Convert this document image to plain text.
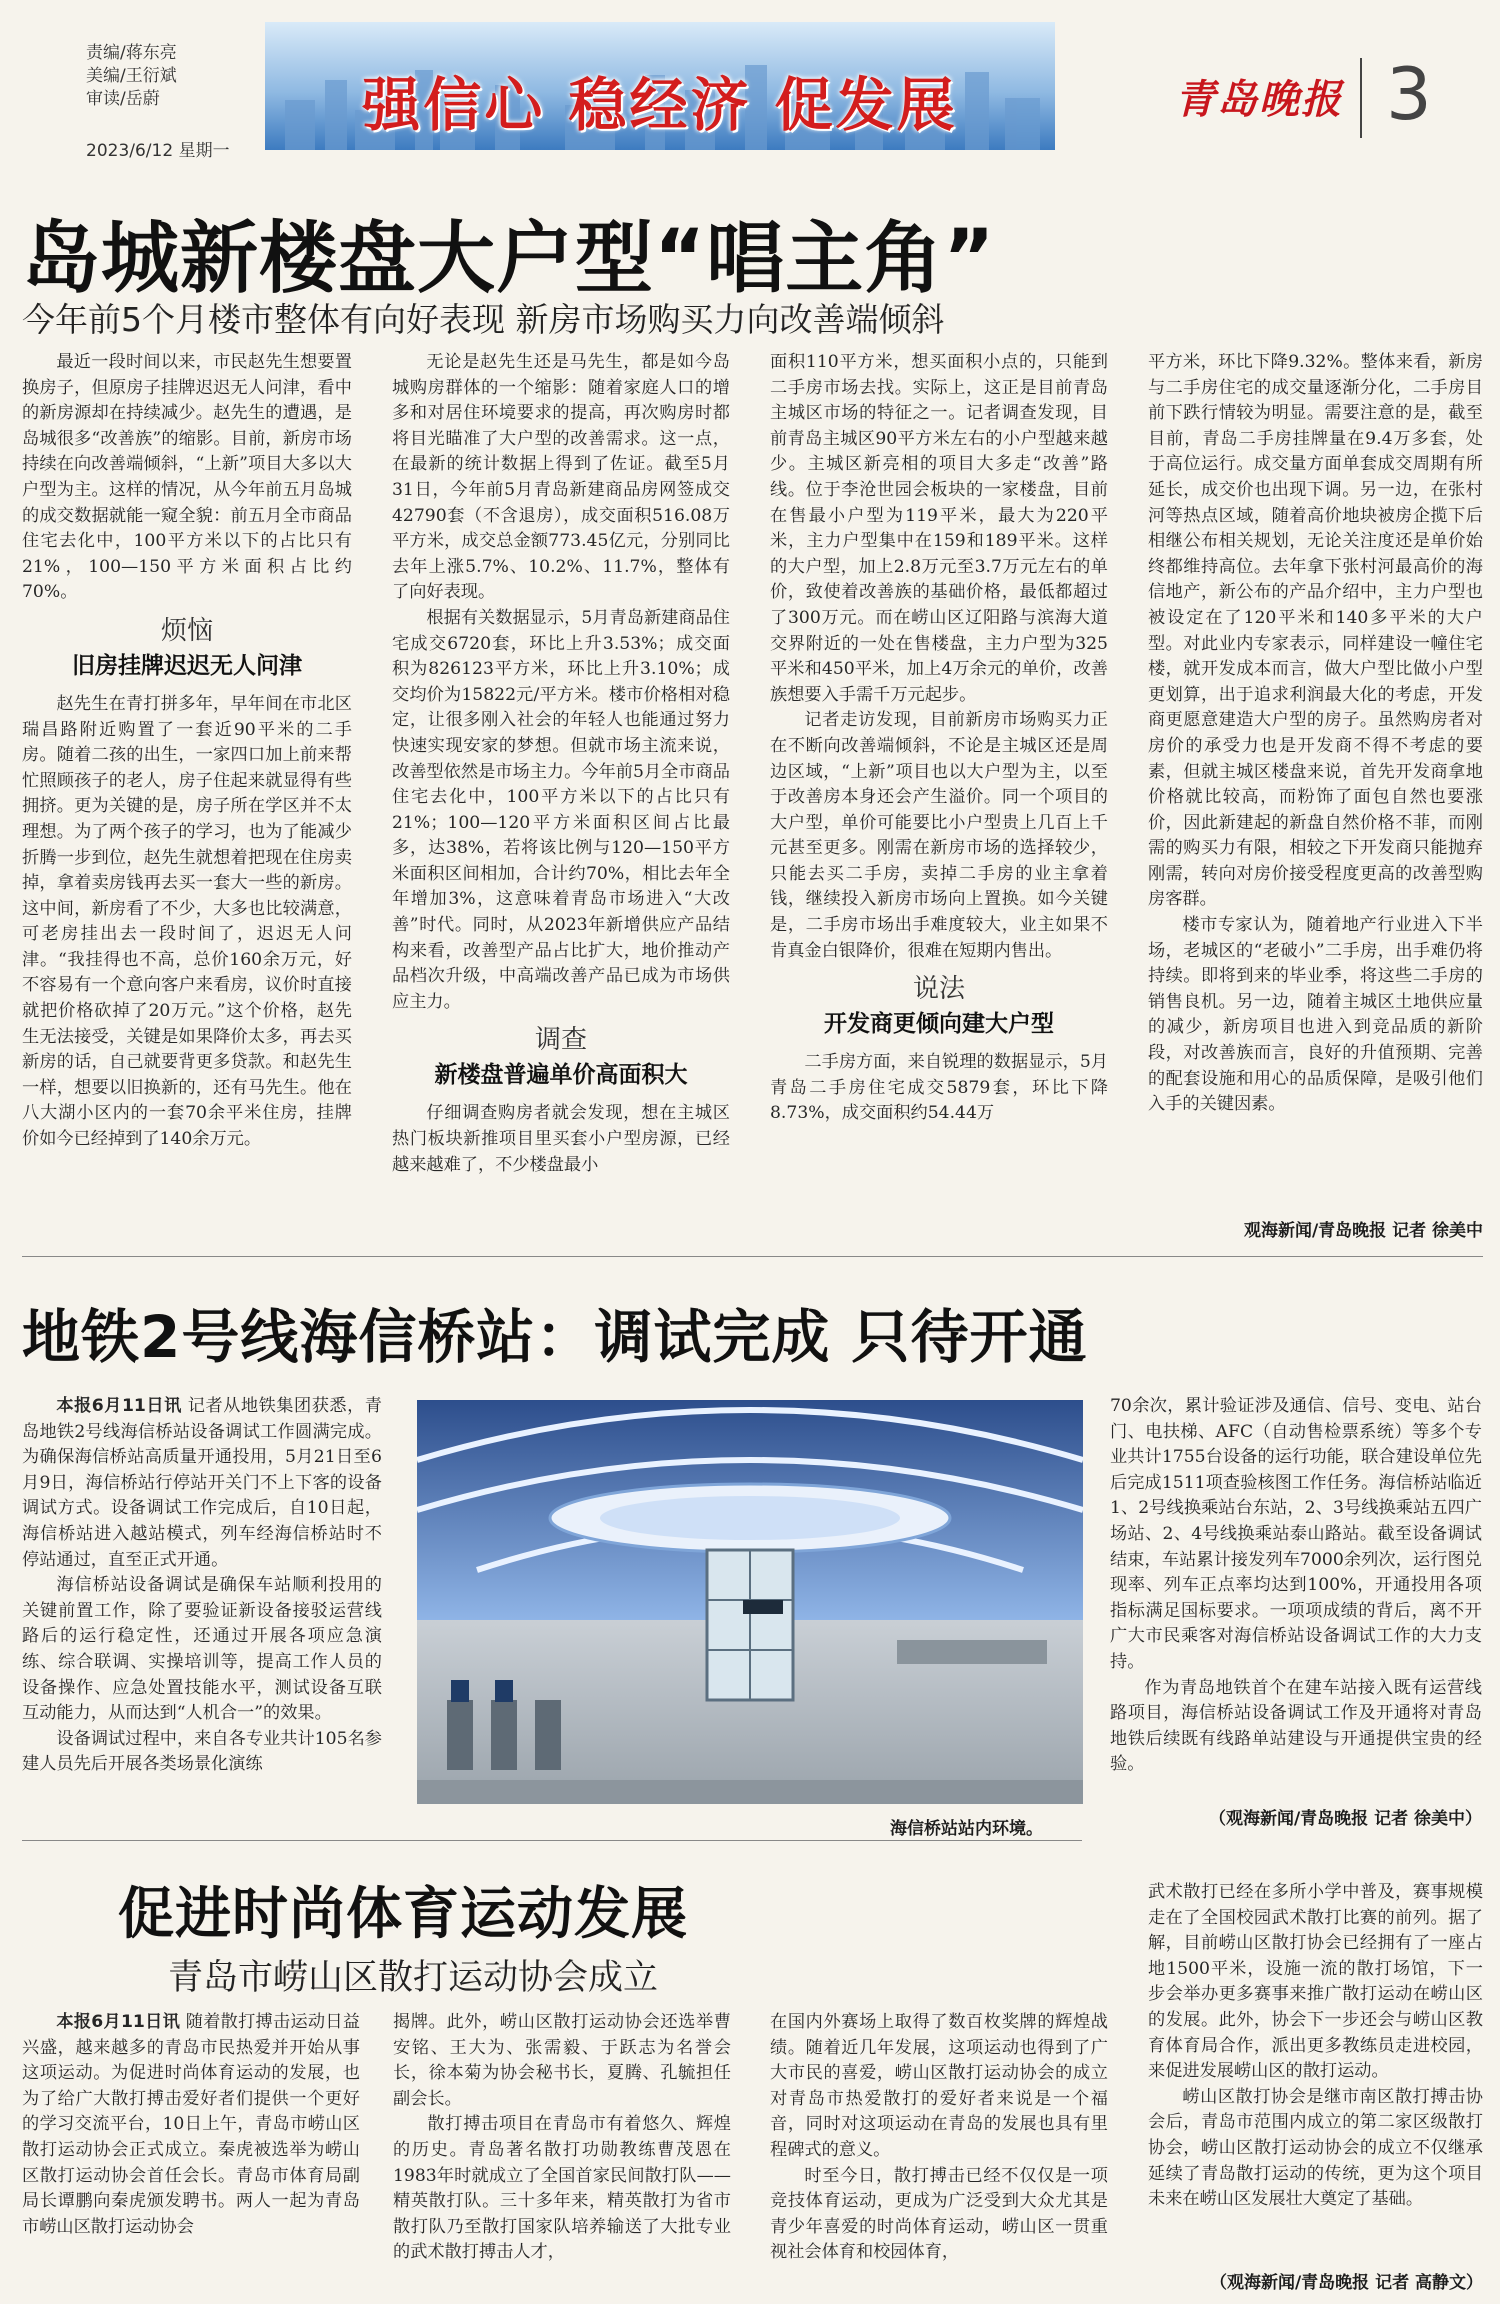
责编/蒋东亮
美编/王衍斌
审读/岳蔚
2023/6/12 星期一
强信心 稳经济 促发展	青岛晚报 3
岛城新楼盘大户型“唱主角”
今年前5个月楼市整体有向好表现 新房市场购买力向改善端倾斜

最近一段时间以来，市民赵先生想要置换房子，但原房子挂牌迟迟无人问津，看中的新房源却在持续减少。赵先生的遭遇，是岛城很多“改善族”的缩影。目前，新房市场持续在向改善端倾斜，“上新”项目大多以大户型为主。这样的情况，从今年前五月岛城的成交数据就能一窥全貌：前五月全市商品住宅去化中，100平方米以下的占比只有21%，100—150平方米面积占比约70%。

烦恼
旧房挂牌迟迟无人问津

赵先生在青打拼多年，早年间在市北区瑞昌路附近购置了一套近90平米的二手房。随着二孩的出生，一家四口加上前来帮忙照顾孩子的老人，房子住起来就显得有些拥挤。更为关键的是，房子所在学区并不太理想。为了两个孩子的学习，也为了能减少折腾一步到位，赵先生就想着把现在住房卖掉，拿着卖房钱再去买一套大一些的新房。这中间，新房看了不少，大多也比较满意，可老房挂出去一段时间了，迟迟无人问津。“我挂得也不高，总价160余万元，好不容易有一个意向客户来看房，议价时直接就把价格砍掉了20万元。”这个价格，赵先生无法接受，关键是如果降价太多，再去买新房的话，自己就要背更多贷款。和赵先生一样，想要以旧换新的，还有马先生。他在八大湖小区内的一套70余平米住房，挂牌价如今已经掉到了140余万元。

无论是赵先生还是马先生，都是如今岛城购房群体的一个缩影：随着家庭人口的增多和对居住环境要求的提高，再次购房时都将目光瞄准了大户型的改善需求。这一点，在最新的统计数据上得到了佐证。截至5月31日，今年前5月青岛新建商品房网签成交42790套（不含退房），成交面积516.08万平方米，成交总金额773.45亿元，分别同比去年上涨5.7%、10.2%、11.7%，整体有了向好表现。

根据有关数据显示，5月青岛新建商品住宅成交6720套，环比上升3.53%；成交面积为826123平方米，环比上升3.10%；成交均价为15822元/平方米。楼市价格相对稳定，让很多刚入社会的年轻人也能通过努力快速实现安家的梦想。但就市场主流来说，改善型依然是市场主力。今年前5月全市商品住宅去化中，100平方米以下的占比只有21%；100—120平方米面积区间占比最多，达38%，若将该比例与120—150平方米面积区间相加，合计约70%，相比去年全年增加3%，这意味着青岛市场进入“大改善”时代。同时，从2023年新增供应产品结构来看，改善型产品占比扩大，地价推动产品档次升级，中高端改善产品已成为市场供应主力。

调查
新楼盘普遍单价高面积大

仔细调查购房者就会发现，想在主城区热门板块新推项目里买套小户型房源，已经越来越难了，不少楼盘最小

面积110平方米，想买面积小点的，只能到二手房市场去找。实际上，这正是目前青岛主城区市场的特征之一。记者调查发现，目前青岛主城区90平方米左右的小户型越来越少。主城区新亮相的项目大多走“改善”路线。位于李沧世园会板块的一家楼盘，目前在售最小户型为119平米，最大为220平米，主力户型集中在159和189平米。这样的大户型，加上2.8万元至3.7万元左右的单价，致使着改善族的基础价格，最低都超过了300万元。而在崂山区辽阳路与滨海大道交界附近的一处在售楼盘，主力户型为325平米和450平米，加上4万余元的单价，改善族想要入手需千万元起步。

记者走访发现，目前新房市场购买力正在不断向改善端倾斜，不论是主城区还是周边区域，“上新”项目也以大户型为主，以至于改善房本身还会产生溢价。同一个项目的大户型，单价可能要比小户型贵上几百上千元甚至更多。刚需在新房市场的选择较少，只能去买二手房，卖掉二手房的业主拿着钱，继续投入新房市场向上置换。如今关键是，二手房市场出手难度较大，业主如果不肯真金白银降价，很难在短期内售出。

说法
开发商更倾向建大户型

二手房方面，来自锐理的数据显示，5月青岛二手房住宅成交5879套，环比下降8.73%，成交面积约54.44万

平方米，环比下降9.32%。整体来看，新房与二手房住宅的成交量逐渐分化，二手房目前下跌行情较为明显。需要注意的是，截至目前，青岛二手房挂牌量在9.4万多套，处于高位运行。成交量方面单套成交周期有所延长，成交价也出现下调。另一边，在张村河等热点区域，随着高价地块被房企揽下后相继公布相关规划，无论关注度还是单价始终都维持高位。去年拿下张村河最高价的海信地产，新公布的产品介绍中，主力户型也被设定在了120平米和140多平米的大户型。对此业内专家表示，同样建设一幢住宅楼，就开发成本而言，做大户型比做小户型更划算，出于追求利润最大化的考虑，开发商更愿意建造大户型的房子。虽然购房者对房价的承受力也是开发商不得不考虑的要素，但就主城区楼盘来说，首先开发商拿地价格就比较高，而粉饰了面包自然也要涨价，因此新建起的新盘自然价格不菲，而刚需的购买力有限，相较之下开发商只能抛弃刚需，转向对房价接受程度更高的改善型购房客群。

楼市专家认为，随着地产行业进入下半场，老城区的“老破小”二手房，出手难仍将持续。即将到来的毕业季，将这些二手房的销售良机。另一边，随着主城区土地供应量的减少，新房项目也进入到竞品质的新阶段，对改善族而言，良好的升值预期、完善的配套设施和用心的品质保障，是吸引他们入手的关键因素。

观海新闻/青岛晚报 记者 徐美中
地铁2号线海信桥站：调试完成 只待开通

本报6月11日讯 记者从地铁集团获悉，青岛地铁2号线海信桥站设备调试工作圆满完成。为确保海信桥站高质量开通投用，5月21日至6月9日，海信桥站行停站开关门不上下客的设备调试方式。设备调试工作完成后，自10日起，海信桥站进入越站模式，列车经海信桥站时不停站通过，直至正式开通。

海信桥站设备调试是确保车站顺利投用的关键前置工作，除了要验证新设备接驳运营线路后的运行稳定性，还通过开展各项应急演练、综合联调、实操培训等，提高工作人员的设备操作、应急处置技能水平，测试设备互联互动能力，从而达到“人机合一”的效果。

设备调试过程中，来自各专业共计105名参建人员先后开展各类场景化演练

海信桥站站内环境。

70余次，累计验证涉及通信、信号、变电、站台门、电扶梯、AFC（自动售检票系统）等多个专业共计1755台设备的运行功能，联合建设单位先后完成1511项查验核图工作任务。海信桥站临近1、2号线换乘站台东站，2、3号线换乘站五四广场站、2、4号线换乘站泰山路站。截至设备调试结束，车站累计接发列车7000余列次，运行图兑现率、列车正点率均达到100%，开通投用各项指标满足国标要求。一项项成绩的背后，离不开广大市民乘客对海信桥站设备调试工作的大力支持。

作为青岛地铁首个在建车站接入既有运营线路项目，海信桥站设备调试工作及开通将对青岛地铁后续既有线路单站建设与开通提供宝贵的经验。

（观海新闻/青岛晚报 记者 徐美中）
促进时尚体育运动发展
青岛市崂山区散打运动协会成立

本报6月11日讯 随着散打搏击运动日益兴盛，越来越多的青岛市民热爱并开始从事这项运动。为促进时尚体育运动的发展，也为了给广大散打搏击爱好者们提供一个更好的学习交流平台，10日上午，青岛市崂山区散打运动协会正式成立。秦虎被选举为崂山区散打运动协会首任会长。青岛市体育局副局长谭鹏向秦虎颁发聘书。两人一起为青岛市崂山区散打运动协会

揭牌。此外，崂山区散打运动协会还选举曹安铭、王大为、张需毅、于跃志为名誉会长，徐本菊为协会秘书长，夏腾、孔毓担任副会长。

散打搏击项目在青岛市有着悠久、辉煌的历史。青岛著名散打功勋教练曹茂恩在1983年时就成立了全国首家民间散打队——精英散打队。三十多年来，精英散打为省市散打队乃至散打国家队培养输送了大批专业的武术散打搏击人才，

在国内外赛场上取得了数百枚奖牌的辉煌战绩。随着近几年发展，这项运动也得到了广大市民的喜爱，崂山区散打运动协会的成立对青岛市热爱散打的爱好者来说是一个福音，同时对这项运动在青岛的发展也具有里程碑式的意义。

时至今日，散打搏击已经不仅仅是一项竞技体育运动，更成为广泛受到大众尤其是青少年喜爱的时尚体育运动，崂山区一贯重视社会体育和校园体育，

武术散打已经在多所小学中普及，赛事规模走在了全国校园武术散打比赛的前列。据了解，目前崂山区散打协会已经拥有了一座占地1500平米，设施一流的散打场馆，下一步会举办更多赛事来推广散打运动在崂山区的发展。此外，协会下一步还会与崂山区教育体育局合作，派出更多教练员走进校园，来促进发展崂山区的散打运动。

崂山区散打协会是继市南区散打搏击协会后，青岛市范围内成立的第二家区级散打协会，崂山区散打运动协会的成立不仅继承延续了青岛散打运动的传统，更为这个项目未来在崂山区发展壮大奠定了基础。

（观海新闻/青岛晚报 记者 高静文）
